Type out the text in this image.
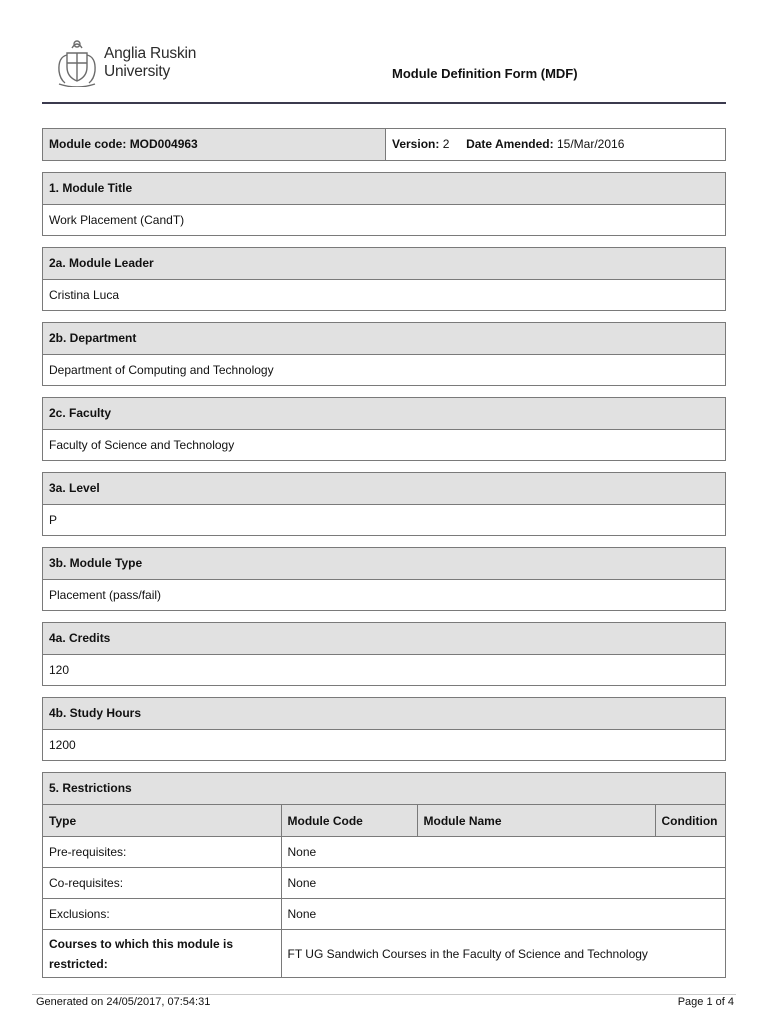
Anglia Ruskin
University	Module Definition Form (MDF)
Module code: MOD004963	Version: 2 Date Amended: 15/Mar/2016
1. Module Title
Work Placement (CandT)
2a. Module Leader
Cristina Luca
2b. Department
Department of Computing and Technology
2c. Faculty
Faculty of Science and Technology
3a. Level
P
3b. Module Type
Placement (pass/fail)
4a. Credits
120
4b. Study Hours
1200
5. Restrictions
Type	Module Code	Module Name	Condition
Pre-requisites:	None		
Co-requisites:	None		
Exclusions:	None		
Courses to which this module is restricted:	FT UG Sandwich Courses in the Faculty of Science and Technology		
Generated on 24/05/2017, 07:54:31	Page 1 of 4
